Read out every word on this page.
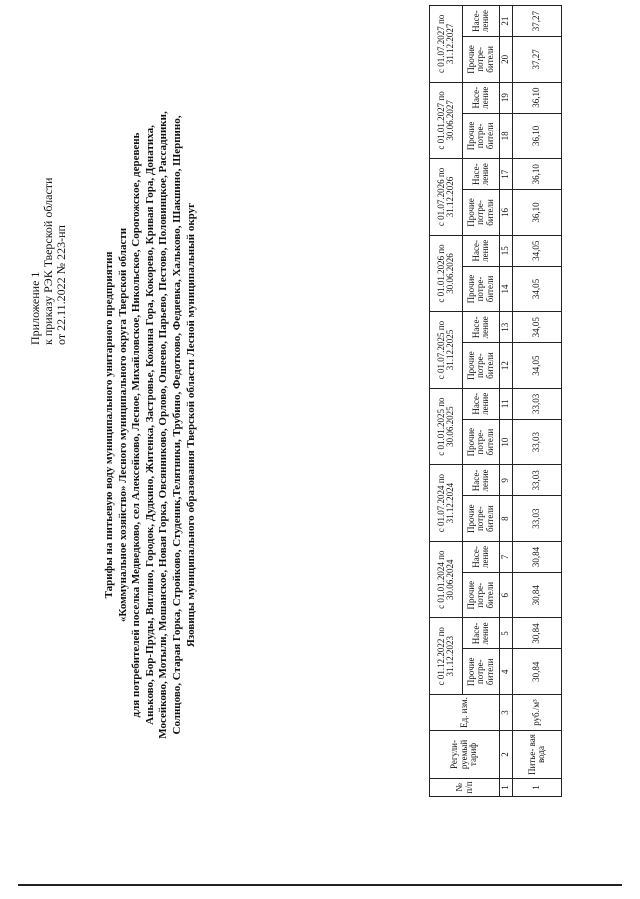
Приложение 1 к приказу РЭК Тверской области от 22.11.2022 № 223-нп	Тарифы на питьевую воду муниципального унитарного предприятия «Коммунальное хозяйство» Лесного муниципального округа Тверской области для потребителей поселка Медведково, сел Алексейково, Лесное, Михайловское, Никольское, Сорогожское, деревень Аньково, Бор-Пруды, Виглино, Городок, Дудкино, Житенка, Застровье, Кожина Гора, Кокорево, Кривая Гора, Донатиха, Мосейково, Мотыли, Мошанское, Новая Горка, Овсянниково, Орлово, Ошеево, Парьево, Пестово, Половинцкое, Рассадники, Солнцово, Старая Горка, Стройково, Студеник,Телятники, Трубино, Федотково, Федяевка, Хальково, Шакшино, Шерпино, Язовицы муниципального образования Тверской области Лесной муниципальный округ
№ п/п	Регули- руемый тариф	Ед. изм.	с 01.12.2022 по 31.12.2023		с 01.01.2024 по 30.06.2024		с 01.07.2024 по 31.12.2024		с 01.01.2025 по 30.06.2025		с 01.07.2025 по 31.12.2025		с 01.01.2026 по 30.06.2026		с 01.07.2026 по 31.12.2026		с 01.01.2027 по 30.06.2027		с 01.07.2027 по 31.12.2027	
			Прочие потре- бители	Насе- ление	Прочие потре- бители	Насе- ление	Прочие потре- бители	Насе- ление	Прочие потре- бители	Насе- ление	Прочие потре- бители	Насе- ление	Прочие потре- бители	Насе- ление	Прочие потре- бители	Насе- ление	Прочие потре- бители	Насе- ление	Прочие потре- бители	Насе- ление
1	2	3	4	5	6	7	8	9	10	11	12	13	14	15	16	17	18	19	20	21
1	Питье- вая вода	руб./м³	30,84	30,84	30,84	30,84	33,03	33,03	33,03	33,03	34,05	34,05	34,05	34,05	36,10	36,10	36,10	36,10	37,27	37,27
